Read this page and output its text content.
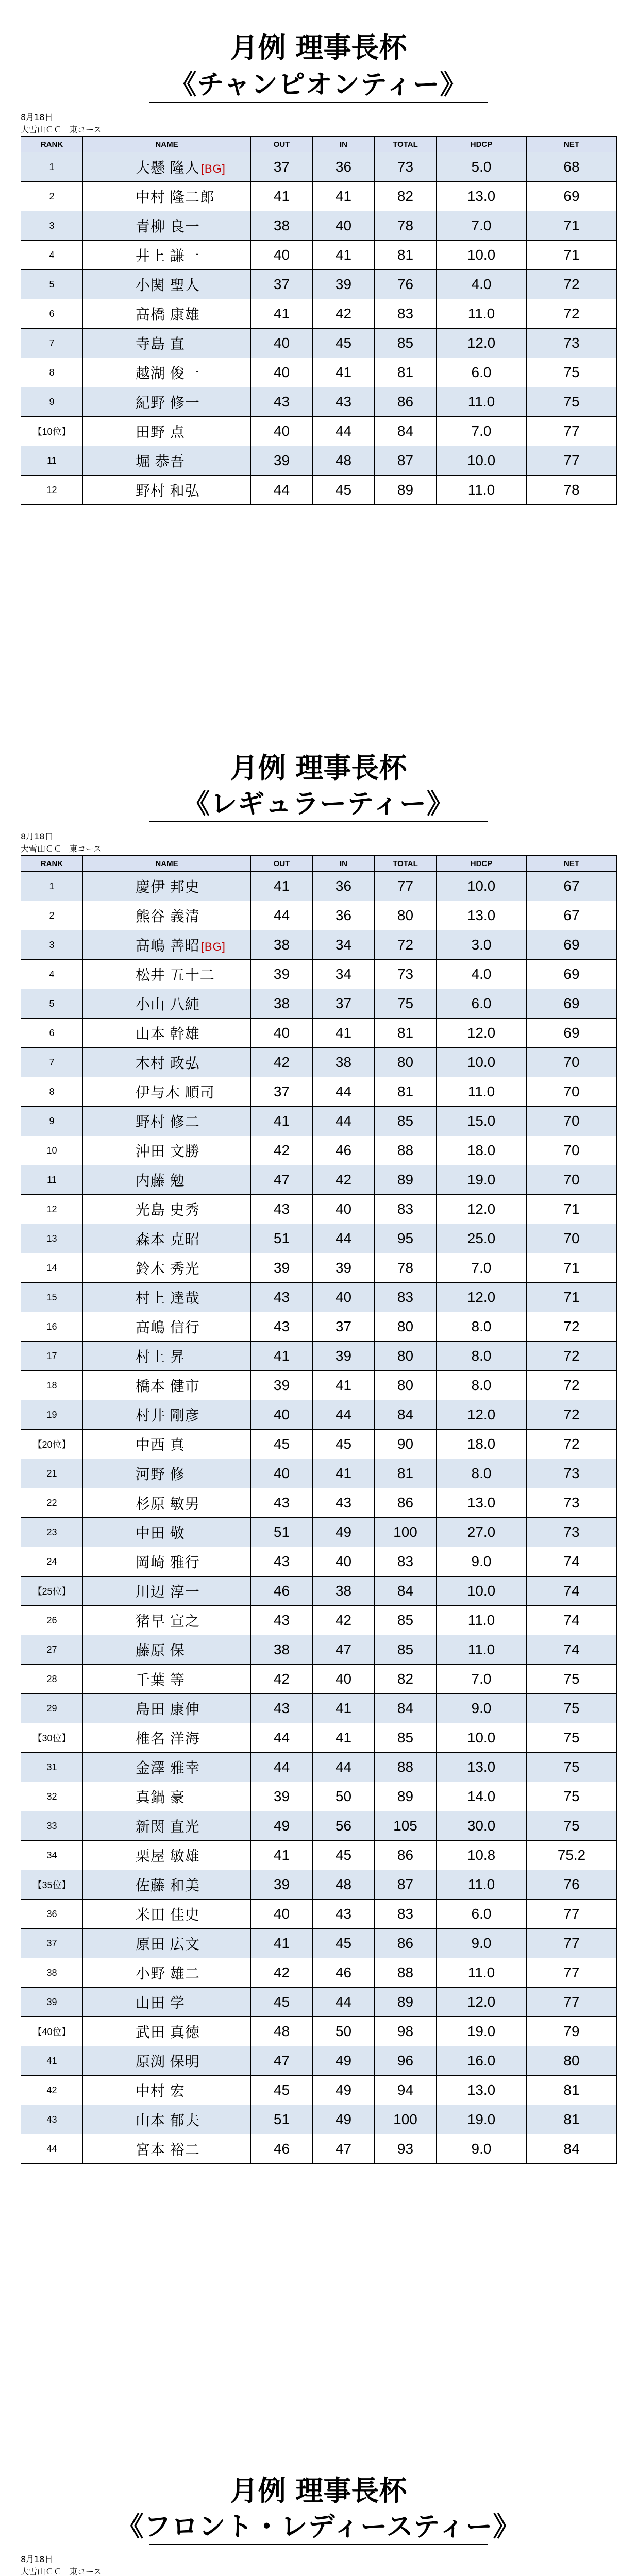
月例 理事長杯
《チャンピオンティー》
8月18日
大雪山ＣＣ 東コース
RANK	NAME	OUT	IN	TOTAL	HDCP	NET
1	大懸 隆人[BG]	37	36	73	5.0	68
2	中村 隆二郎	41	41	82	13.0	69
3	青柳 良一	38	40	78	7.0	71
4	井上 謙一	40	41	81	10.0	71
5	小関 聖人	37	39	76	4.0	72
6	高橋 康雄	41	42	83	11.0	72
7	寺島 直	40	45	85	12.0	73
8	越湖 俊一	40	41	81	6.0	75
9	紀野 修一	43	43	86	11.0	75
【10位】	田野 点	40	44	84	7.0	77
11	堀 恭吾	39	48	87	10.0	77
12	野村 和弘	44	45	89	11.0	78
月例 理事長杯
《レギュラーティー》
8月18日
大雪山ＣＣ 東コース
RANK	NAME	OUT	IN	TOTAL	HDCP	NET
1	慶伊 邦史	41	36	77	10.0	67
2	熊谷 義清	44	36	80	13.0	67
3	高嶋 善昭[BG]	38	34	72	3.0	69
4	松井 五十二	39	34	73	4.0	69
5	小山 八純	38	37	75	6.0	69
6	山本 幹雄	40	41	81	12.0	69
7	木村 政弘	42	38	80	10.0	70
8	伊与木 順司	37	44	81	11.0	70
9	野村 修二	41	44	85	15.0	70
10	沖田 文勝	42	46	88	18.0	70
11	内藤 勉	47	42	89	19.0	70
12	光島 史秀	43	40	83	12.0	71
13	森本 克昭	51	44	95	25.0	70
14	鈴木 秀光	39	39	78	7.0	71
15	村上 達哉	43	40	83	12.0	71
16	高嶋 信行	43	37	80	8.0	72
17	村上 昇	41	39	80	8.0	72
18	橋本 健市	39	41	80	8.0	72
19	村井 剛彦	40	44	84	12.0	72
【20位】	中西 真	45	45	90	18.0	72
21	河野 修	40	41	81	8.0	73
22	杉原 敏男	43	43	86	13.0	73
23	中田 敬	51	49	100	27.0	73
24	岡崎 雅行	43	40	83	9.0	74
【25位】	川辺 淳一	46	38	84	10.0	74
26	猪早 宣之	43	42	85	11.0	74
27	藤原 保	38	47	85	11.0	74
28	千葉 等	42	40	82	7.0	75
29	島田 康伸	43	41	84	9.0	75
【30位】	椎名 洋海	44	41	85	10.0	75
31	金澤 雅幸	44	44	88	13.0	75
32	真鍋 豪	39	50	89	14.0	75
33	新関 直光	49	56	105	30.0	75
34	栗屋 敏雄	41	45	86	10.8	75.2
【35位】	佐藤 和美	39	48	87	11.0	76
36	米田 佳史	40	43	83	6.0	77
37	原田 広文	41	45	86	9.0	77
38	小野 雄二	42	46	88	11.0	77
39	山田 学	45	44	89	12.0	77
【40位】	武田 真徳	48	50	98	19.0	79
41	原渕 保明	47	49	96	16.0	80
42	中村 宏	45	49	94	13.0	81
43	山本 郁夫	51	49	100	19.0	81
44	宮本 裕二	46	47	93	9.0	84
月例 理事長杯
《フロント・レディースティー》
8月18日
大雪山ＣＣ 東コース
